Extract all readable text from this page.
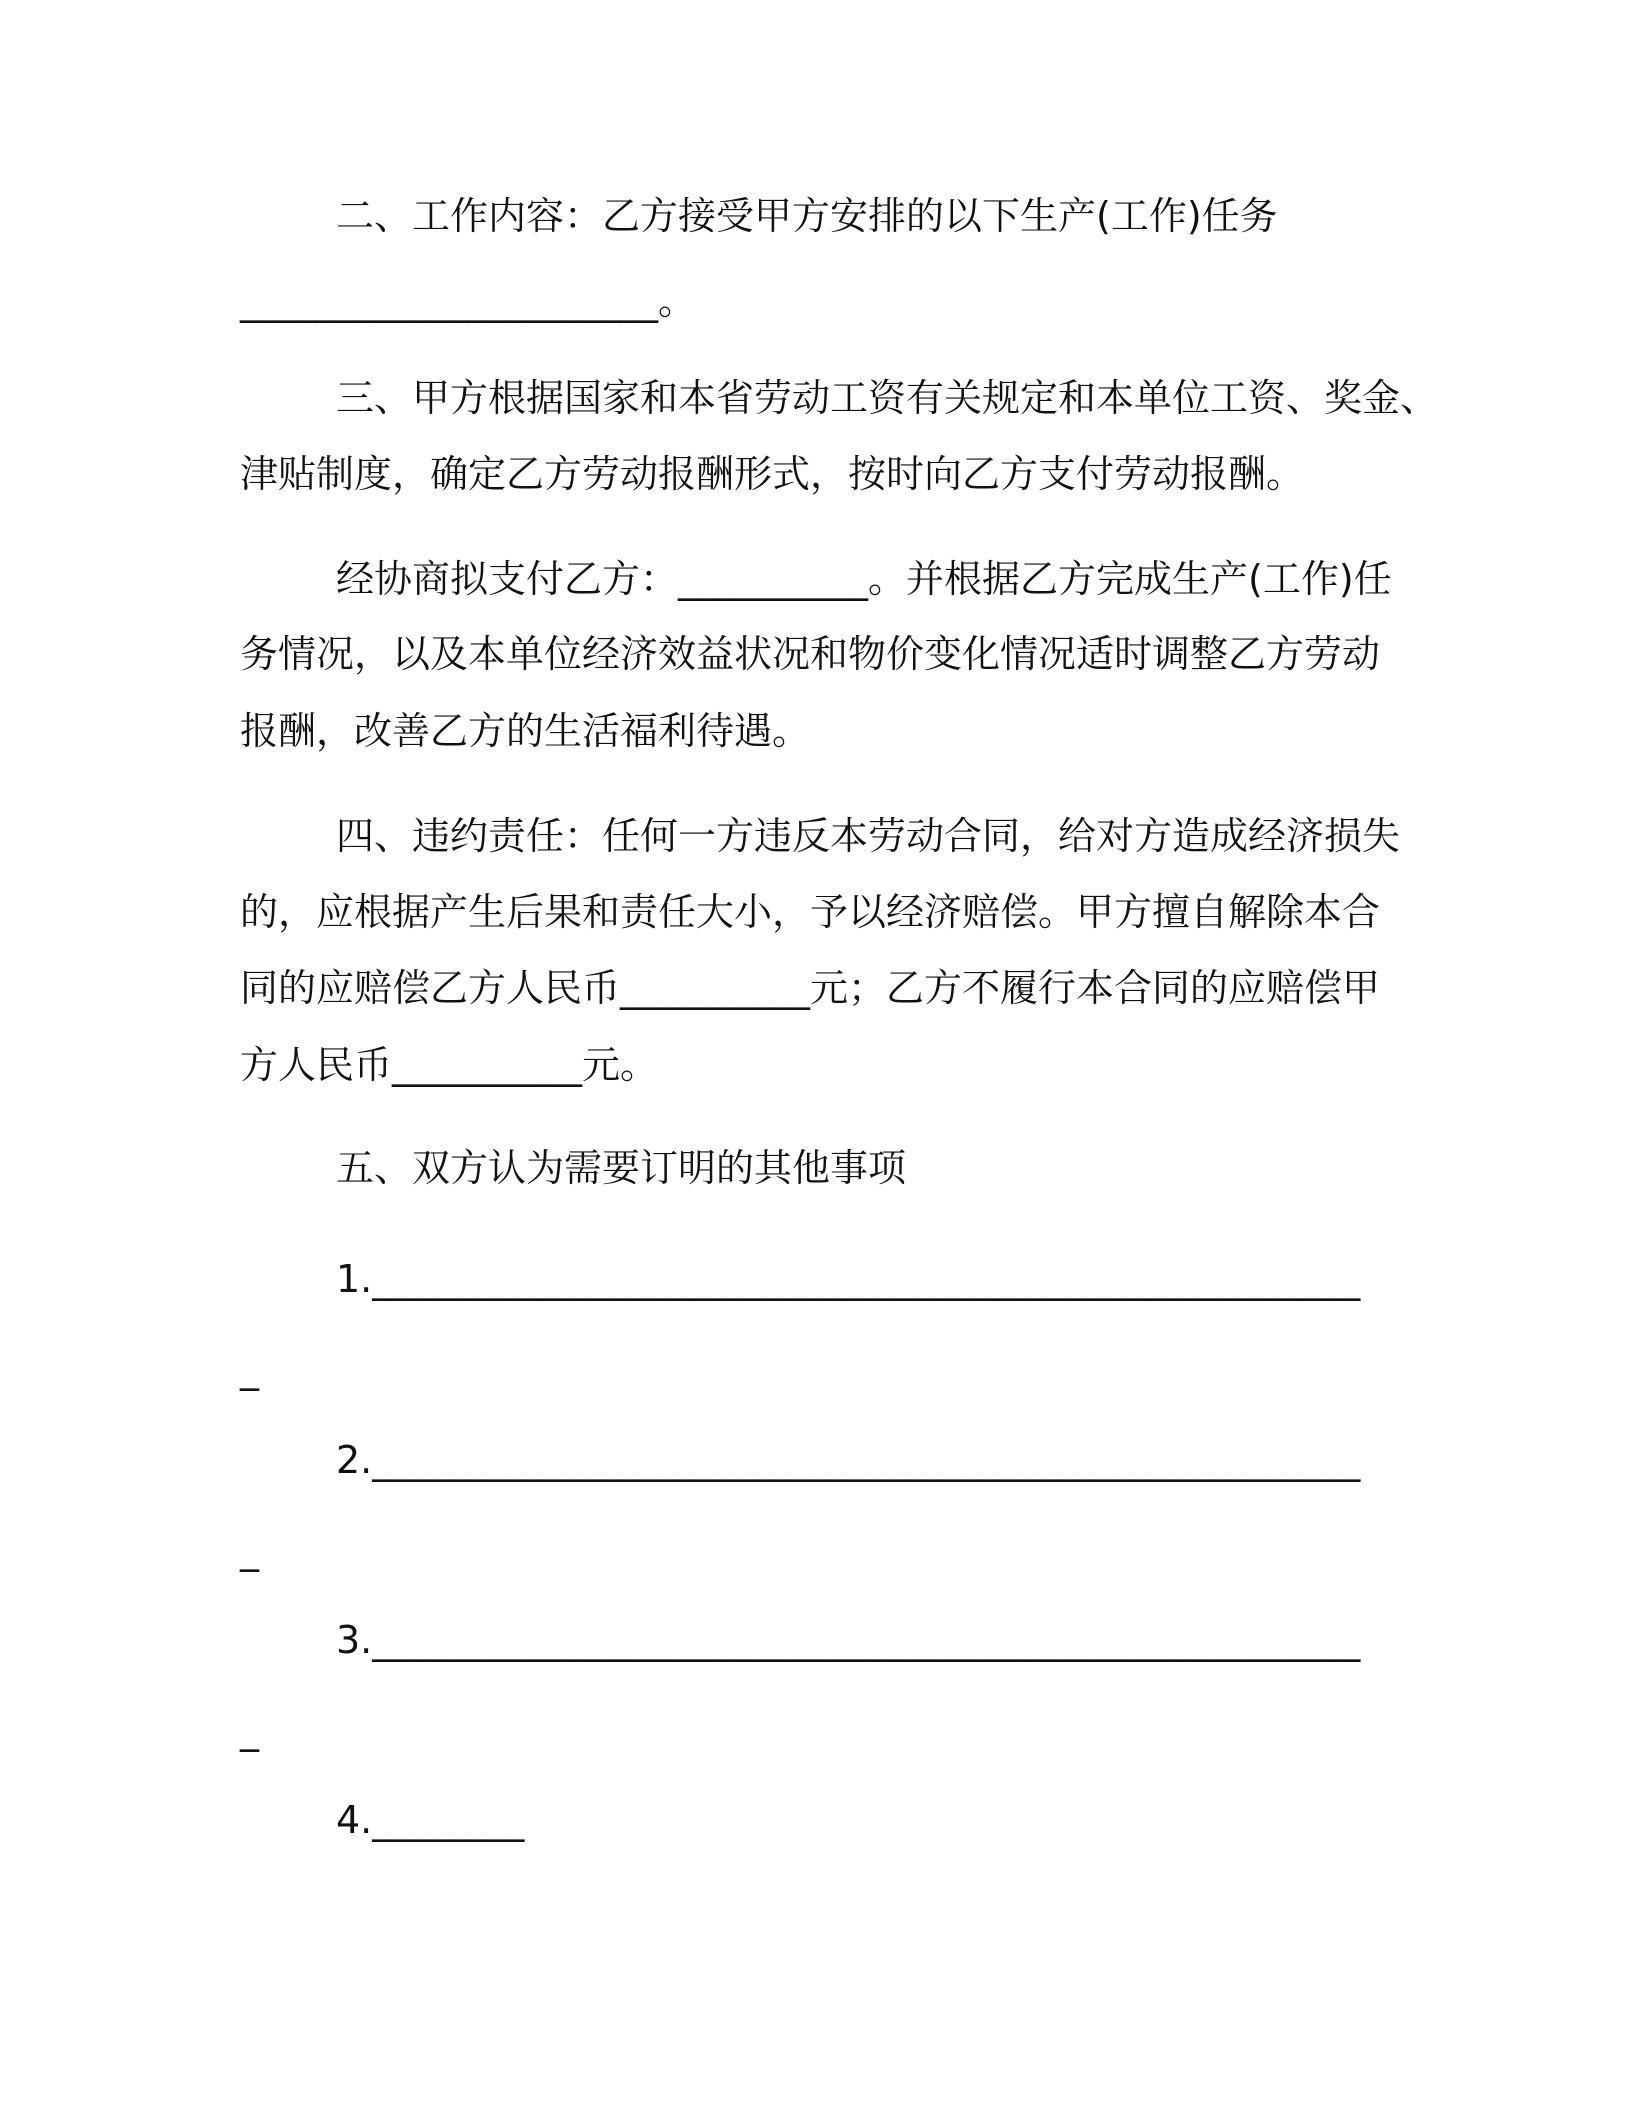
二、工作内容：乙方接受甲方安排的以下生产(工作)任务
______________________。
三、甲方根据国家和本省劳动工资有关规定和本单位工资、奖金、
津贴制度，确定乙方劳动报酬形式，按时向乙方支付劳动报酬。
经协商拟支付乙方：__________。并根据乙方完成生产(工作)任
务情况，以及本单位经济效益状况和物价变化情况适时调整乙方劳动
报酬，改善乙方的生活福利待遇。
四、违约责任：任何一方违反本劳动合同，给对方造成经济损失
的，应根据产生后果和责任大小，予以经济赔偿。甲方擅自解除本合
同的应赔偿乙方人民币__________元；乙方不履行本合同的应赔偿甲
方人民币__________元。
五、双方认为需要订明的其他事项
1.____________________________________________________
_
2.____________________________________________________
_
3.____________________________________________________
_
4.________
